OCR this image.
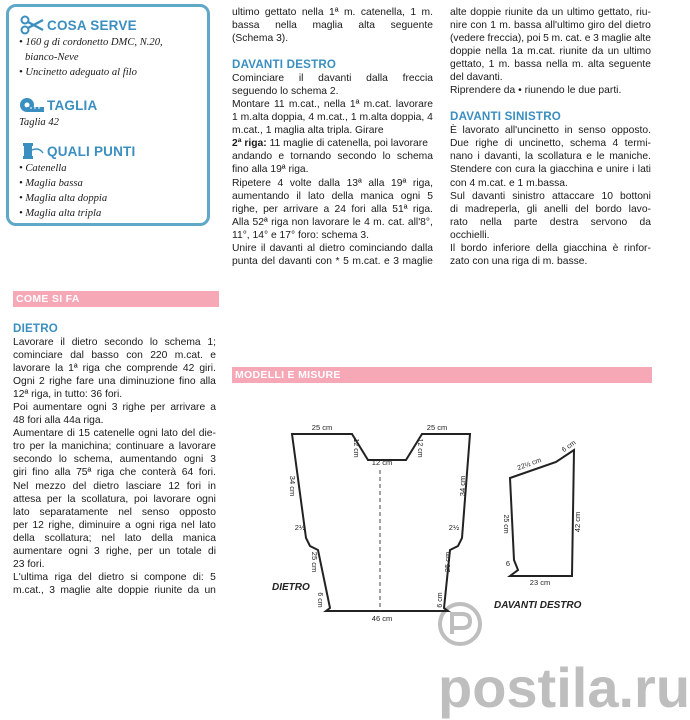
COSA SERVE
• 160 g di cordonetto DMC, N.20,
bianco-Neve
• Uncinetto adeguato al filo
TAGLIA
Taglia 42
QUALI PUNTI
• Catenella
• Maglia bassa
• Maglia alta doppia
• Maglia alta tripla
COME SI FA
DIETRO
Lavorare il dietro secondo lo schema 1;
cominciare dal basso con 220 m.cat. e
lavorare la 1ª riga che comprende 42 giri.
Ogni 2 righe fare una diminuzione fino alla
12ª riga, in tutto: 36 fori.
Poi aumentare ogni 3 righe per arrivare a
48 fori alla 44a riga.
Aumentare di 15 catenelle ogni lato del die-
tro per la manichina; continuare a lavorare
secondo lo schema, aumentando ogni 3
giri fino alla 75ª riga che conterà 64 fori.
Nel mezzo del dietro lasciare 12 fori in
attesa per la scollatura, poi lavorare ogni
lato separatamente nel senso opposto
per 12 righe, diminuire a ogni riga nel lato
della scollatura; nel lato della manica
aumentare ogni 3 righe, per un totale di
23 fori.
L'ultima riga del dietro si compone di: 5
m.cat., 3 maglie alte doppie riunite da un
ultimo gettato nella 1ª m. catenella, 1 m.
bassa nella maglia alta seguente
(Schema 3).
DAVANTI DESTRO
Cominciare il davanti dalla freccia
seguendo lo schema 2.
Montare 11 m.cat., nella 1ª m.cat. lavorare
1 m.alta doppia, 4 m.cat., 1 m.alta doppia, 4
m.cat., 1 maglia alta tripla. Girare
2ª riga: 11 maglie di catenella, poi lavorare
andando e tornando secondo lo schema
fino alla 19ª riga.
Ripetere 4 volte dalla 13ª alla 19ª riga,
aumentando il lato della manica ogni 5
righe, per arrivare a 24 fori alla 51ª riga.
Alla 52ª riga non lavorare le 4 m. cat. all'8°,
11°, 14° e 17° foro: schema 3.
Unire il davanti al dietro cominciando dalla
punta del davanti con * 5 m.cat. e 3 maglie
alte doppie riunite da un ultimo gettato, riu-
nire con 1 m. bassa all'ultimo giro del dietro
(vedere freccia), poi 5 m. cat. e 3 maglie alte
doppie nella 1a m.cat. riunite da un ultimo
gettato, 1 m. bassa nella m. alta seguente
del davanti.
Riprendere da • riunendo le due parti.
DAVANTI SINISTRO
È lavorato all'uncinetto in senso opposto.
Due righe di uncinetto, schema 4 termi-
nano i davanti, la scollatura e le maniche.
Stendere con cura la giacchina e unire i lati
con 4 m.cat. e 1 m.bassa.
Sul davanti sinistro attaccare 10 bottoni
di madreperla, gli anelli del bordo lavo-
rato nella parte destra servono da
occhielli.
Il bordo inferiore della giacchina è rinfor-
zato con una riga di m. basse.
MODELLI E MISURE
25 cm	25 cm
12 cm	12 cm
12 cm
34 cm	34 cm
2½	2½
25 cm	25 cm
6 cm	6 cm
46 cm
DIETRO
6 cm
22½ cm
25 cm	42 cm
6
23 cm
DAVANTI DESTRO
postila.ru
